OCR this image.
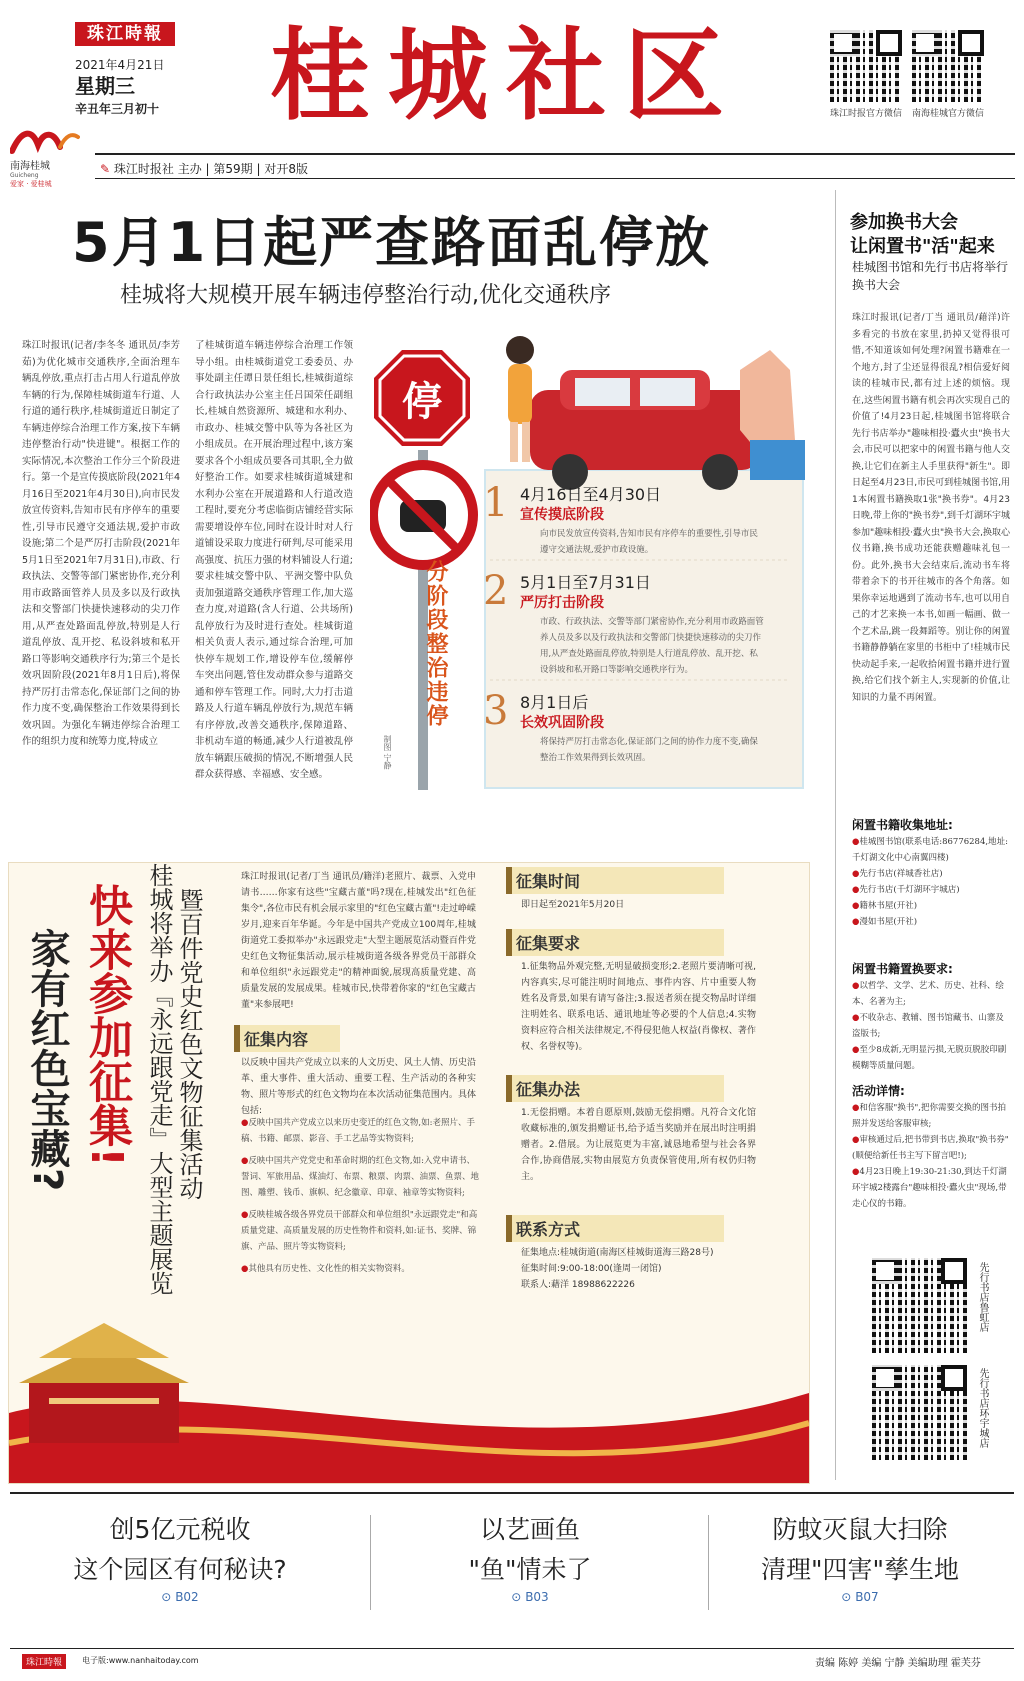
珠江時報
2021年4月21日
星期三
辛丑年三月初十 桂城社区	珠江时报官方微信	南海桂城官方微信
南海桂城
Guicheng
爱家 · 爱桂城
✎ 珠江时报社 主办 | 第59期 | 对开8版
5月1日起严查路面乱停放
桂城将大规模开展车辆违停整治行动,优化交通秩序
珠江时报讯(记者/李冬冬 通讯员/李芳茹)为优化城市交通秩序,全面治理车辆乱停放,重点打击占用人行道乱停放车辆的行为,保障桂城街道车行道、人行道的通行秩序,桂城街道近日制定了车辆违停综合治理工作方案,按下车辆违停整治行动"快进键"。根据工作的实际情况,本次整治工作分三个阶段进行。第一个是宣传摸底阶段(2021年4月16日至2021年4月30日),向市民发放宣传资料,告知市民有序停车的重要性,引导市民遵守交通法规,爱护市政设施;第二个是严厉打击阶段(2021年5月1日至2021年7月31日),市政、行政执法、交警等部门紧密协作,充分利用市政路面管养人员及多以及行政执法和交警部门快捷快速移动的尖刀作用,从严查处路面乱停放,特别是人行道乱停放、乱开挖、私设斜坡和私开路口等影响交通秩序行为;第三个是长效巩固阶段(2021年8月1日后),将保持严厉打击常态化,保证部门之间的协作力度不变,确保整治工作效果得到长效巩固。为强化车辆违停综合治理工作的组织力度和统筹力度,特成立
了桂城街道车辆违停综合治理工作领导小组。由桂城街道党工委委员、办事处副主任谭日景任组长,桂城街道综合行政执法办公室主任吕国荣任副组长,桂城自然资源所、城建和水利办、市政办、桂城交警中队等为各社区为小组成员。在开展治理过程中,该方案要求各个小组成员要各司其职,全力做好整治工作。如要求桂城街道城建和水利办公室在开展道路和人行道改造工程时,要充分考虑临街店铺经营实际需要增设停车位,同时在设计时对人行道铺设采取力度进行研判,尽可能采用高强度、抗压力强的材料铺设人行道;要求桂城交警中队、平洲交警中队负责加强道路交通秩序管理工作,加大巡查力度,对道路(含人行道、公共场所)乱停放行为及时进行查处。桂城街道相关负责人表示,通过综合治理,可加快停车规划工作,增设停车位,缓解停车突出问题,管住发动群众参与道路交通和停车管理工作。同时,大力打击道路及人行道车辆乱停放行为,规范车辆有序停放,改善交通秩序,保障道路、非机动车道的畅通,减少人行道被乱停放车辆跟压破损的情况,不断增强人民群众获得感、幸福感、安全感。
停
分阶段整治违停
制图 宁静
1 4月16日至4月30日
宣传摸底阶段
向市民发放宣传资料,告知市民有序停车的重要性,引导市民遵守交通法规,爱护市政设施。
2 5月1日至7月31日
严厉打击阶段
市政、行政执法、交警等部门紧密协作,充分利用市政路面管养人员及多以及行政执法和交警部门快捷快速移动的尖刀作用,从严查处路面乱停放,特别是人行道乱停放、乱开挖、私设斜坡和私开路口等影响交通秩序行为。
3 8月1日后
长效巩固阶段
将保持严厉打击常态化,保证部门之间的协作力度不变,确保整治工作效果得到长效巩固。
参加换书大会
让闲置书"活"起来
桂城图书馆和先行书店将举行换书大会
珠江时报讯(记者/丁当 通讯员/藉洋)许多看完的书放在家里,扔掉又觉得很可惜,不知道该如何处理?闲置书籍难在一个地方,封了尘还显得很乱?相信爱好阅读的桂城市民,都有过上述的烦恼。现在,这些闲置书籍有机会再次实现自己的价值了!4月23日起,桂城图书馆将联合先行书店举办"趣味相投·蠹火虫"换书大会,市民可以把家中的闲置书籍与他人交换,让它们在新主人手里获得"新生"。即日起至4月23日,市民可到桂城图书馆,用1本闲置书籍换取1张"换书券"。4月23日晚,带上你的"换书券",到千灯湖环宇城参加"趣味相投·蠹火虫"换书大会,换取心仪书籍,换书成功还能获赠趣味礼包一份。此外,换书大会结束后,流动书车将带着余下的书开往城市的各个角落。如果你幸运地遇到了流动书车,也可以用自己的才艺来换一本书,如画一幅画、做一个艺术品,跳一段舞蹈等。别让你的闲置书籍静静躺在家里的书柜中了!桂城市民快动起手来,一起收拾闲置书籍并进行置换,给它们找个新主人,实现新的价值,让知识的力量不再闲置。
闲置书籍收集地址:
●桂城图书馆(联系电话:86776284,地址:千灯湖文化中心南翼四楼)
●先行书店(祥城香社店)
●先行书店(千灯湖环宇城店)
●籍林书屋(开社)
●漫如书屋(开社)
闲置书籍置换要求:
●以哲学、文学、艺术、历史、社科、绘本、名著为主;
●不收杂志、教辅、图书馆藏书、山寨及盗版书;
●至少8成新,无明显污损,无脱页脱胶印刷模糊等质量问题。
活动详情:
●和信客服"换书",把你需要交换的图书拍照并发送给客服审核;
●审核通过后,把书带到书店,换取"换书券"(顺便给新任书主写下留言吧!);
●4月23日晚上19:30-21:30,到达千灯湖环宇城2楼露台"趣味相投·蠹火虫"现场,带走心仪的书籍。
先行书店鲁虹店
先行书店环宇城店
家有红色宝藏? 快来参加征集! 桂城将举办『永远跟党走』大型主题展览 暨百件党史红色文物征集活动
珠江时报讯(记者/丁当 通讯员/籍洋)老照片、裁票、入党申请书……你家有这些"宝藏古董"吗?现在,桂城发出"红色征集令",各位市民有机会展示家里的"红色宝藏古董"!走过峥嵘岁月,迎来百年华诞。今年是中国共产党成立100周年,桂城街道党工委拟举办"永远跟党走"大型主题展览活动暨百件党史红色文物征集活动,展示桂城街道各级各界党员干部群众和单位组织"永远跟党走"的精神面貌,展现高质量党建、高质量发展的发展成果。桂城市民,快带着你家的"红色宝藏古董"来参展吧!
征集内容
以反映中国共产党成立以来的人文历史、风土人情、历史沿革、重大事件、重大活动、重要工程、生产活动的各种实物、照片等形式的红色文物均在本次活动征集范围内。具体包括:
●反映中国共产党成立以来历史变迁的红色文物,如:老照片、手稿、书籍、邮票、影音、手工艺品等实物资料;
●反映中国共产党党史和革命时期的红色文物,如:入党申请书、誓词、军旅用品、煤油灯、布票、粮票、肉票、油票、鱼票、地图、雕塑、钱币、旗帜、纪念徽章、印章、袖章等实物资料;
●反映桂城各级各界党员干部群众和单位组织"永远跟党走"和高质量党建、高质量发展的历史性物件和资料,如:证书、奖牌、锦旗、产品、照片等实物资料;
●其他具有历史性、文化性的相关实物资料。
征集时间
即日起至2021年5月20日
征集要求
1.征集物品外观完整,无明显破损变形;2.老照片要清晰可视,内容真实,尽可能注明时间地点、事件内容、片中重要人物姓名及背景,如果有请写备注;3.报送者须在提交物品时详细注明姓名、联系电话、通讯地址等必要的个人信息;4.实物资料应符合相关法律规定,不得侵犯他人权益(肖像权、著作权、名誉权等)。
征集办法
1.无偿捐赠。本着自愿原则,鼓励无偿捐赠。凡符合文化馆收藏标准的,颁发捐赠证书,给予适当奖励并在展出时注明捐赠者。2.借展。为让展览更为丰富,诚恳地希望与社会各界合作,协商借展,实物由展览方负责保管使用,所有权仍归物主。
联系方式
征集地点:桂城街道(南海区桂城街道海三路28号)
征集时间:9:00-18:00(逢周一闭馆)
联系人:藉洋 18988622226
创5亿元税收
这个园区有何秘诀?
⊙ B02
以艺画鱼
"鱼"情未了
⊙ B03
防蚊灭鼠大扫除
清理"四害"孳生地
⊙ B07
珠江時報	电子版:www.nanhaitoday.com	责编 陈婷 美编 宁静 美编助理 霍芙芬
